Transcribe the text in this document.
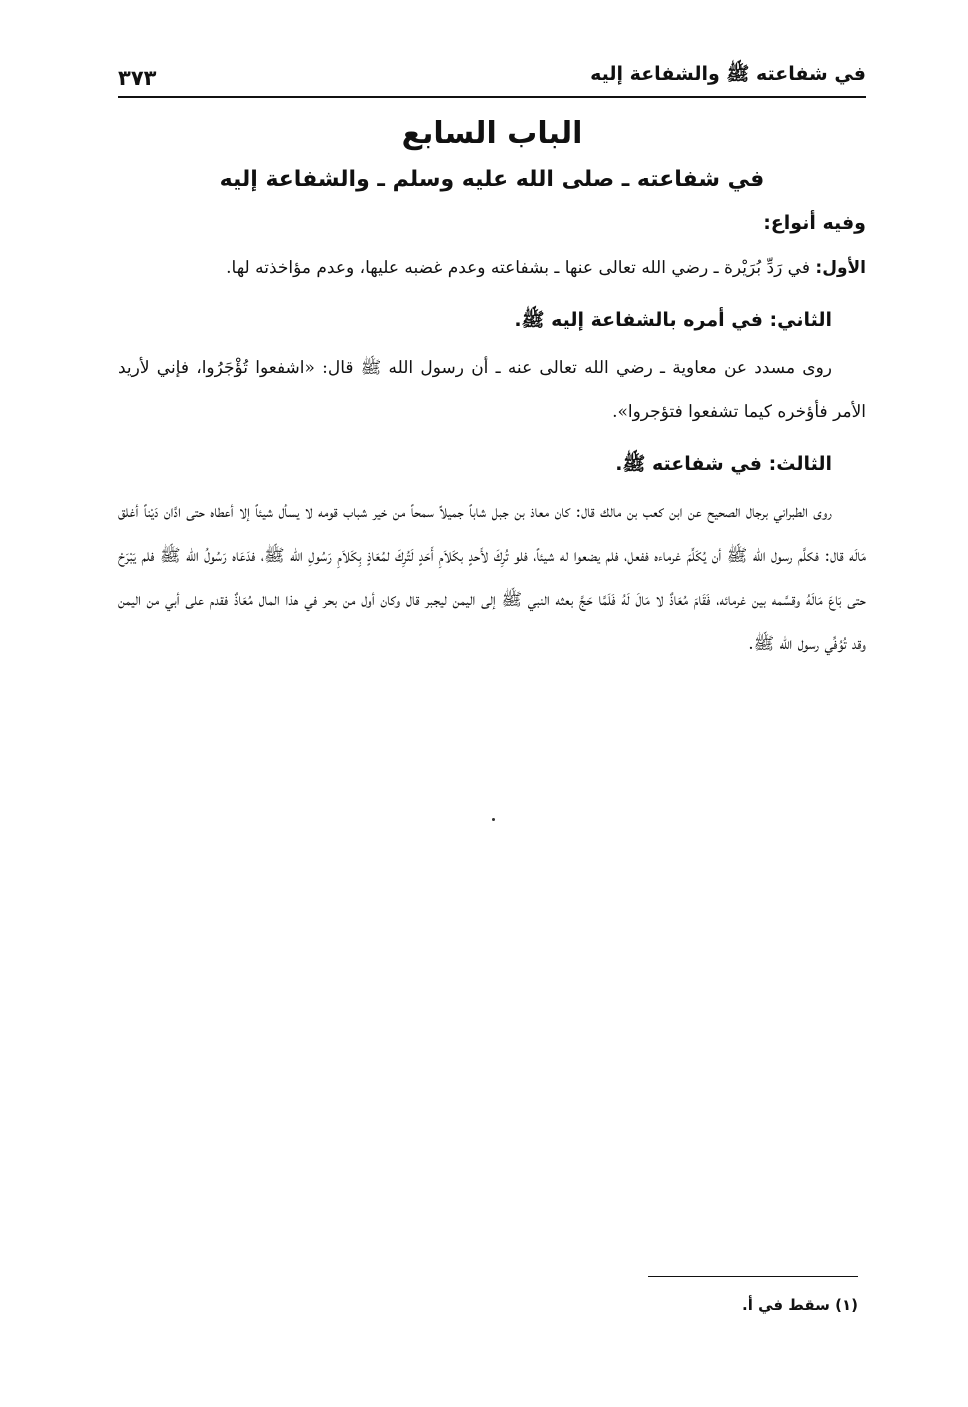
٣٧٣	في شفاعته ﷺ والشفاعة إليه
الباب السابع
في شفاعته ـ صلى الله عليه وسلم ـ والشفاعة إليه
وفيه أنواع:

الأول: في رَدِّ بُرَيْرة ـ رضي الله تعالى عنها ـ بشفاعته وعدم غضبه عليها، وعدم مؤاخذته لها.

الثاني: في أمره بالشفاعة إليه ﷺ.

روى مسدد عن معاوية ـ رضي الله تعالى عنه ـ أن رسول الله ﷺ قال: «اشفعوا تُؤْجَرُوا، فإني لأريد الأمر فأؤخره كيما تشفعوا فتؤجروا».

الثالث: في شفاعته ﷺ.

روى الطبراني برجال الصحيح عن ابن كعب بن مالك قال: كان معاذ بن جبل شاباً جميلاً سمحاً من خير شباب قومه لا يسأل شيئاً إلا أعطاه حتى ادَّان دَيْناً أغلق مَالَه قال: فكلَّم رسول الله ﷺ أن يُكَلِّمَ غرماءه ففعل، فلم يضعوا له شيئاً، فلو تُرِكَ لأَحدٍ بكَلاَمِ أَحَدٍ لَتُرِكَ لمُعَاذٍ بِكَلاَمِ رَسُولِ الله ﷺ، فدَعَاه رَسُولُ الله ﷺ فلم يَبْرَحْ حتى بَاعَ مَالَهُ وقسَّمه بين غرمائه، فَقَامَ مُعَاذٌ لا مَالَ لَهُ فَلَمَّا حَجَّ بعثه النبي ﷺ إلى اليمن ليجبر قال وكان أول من بحر في هذا المال مُعَاذٌ فقدم على أبي من اليمن وقد تُوُفِّي رسول الله ﷺ.

(١) سقط في أ.
